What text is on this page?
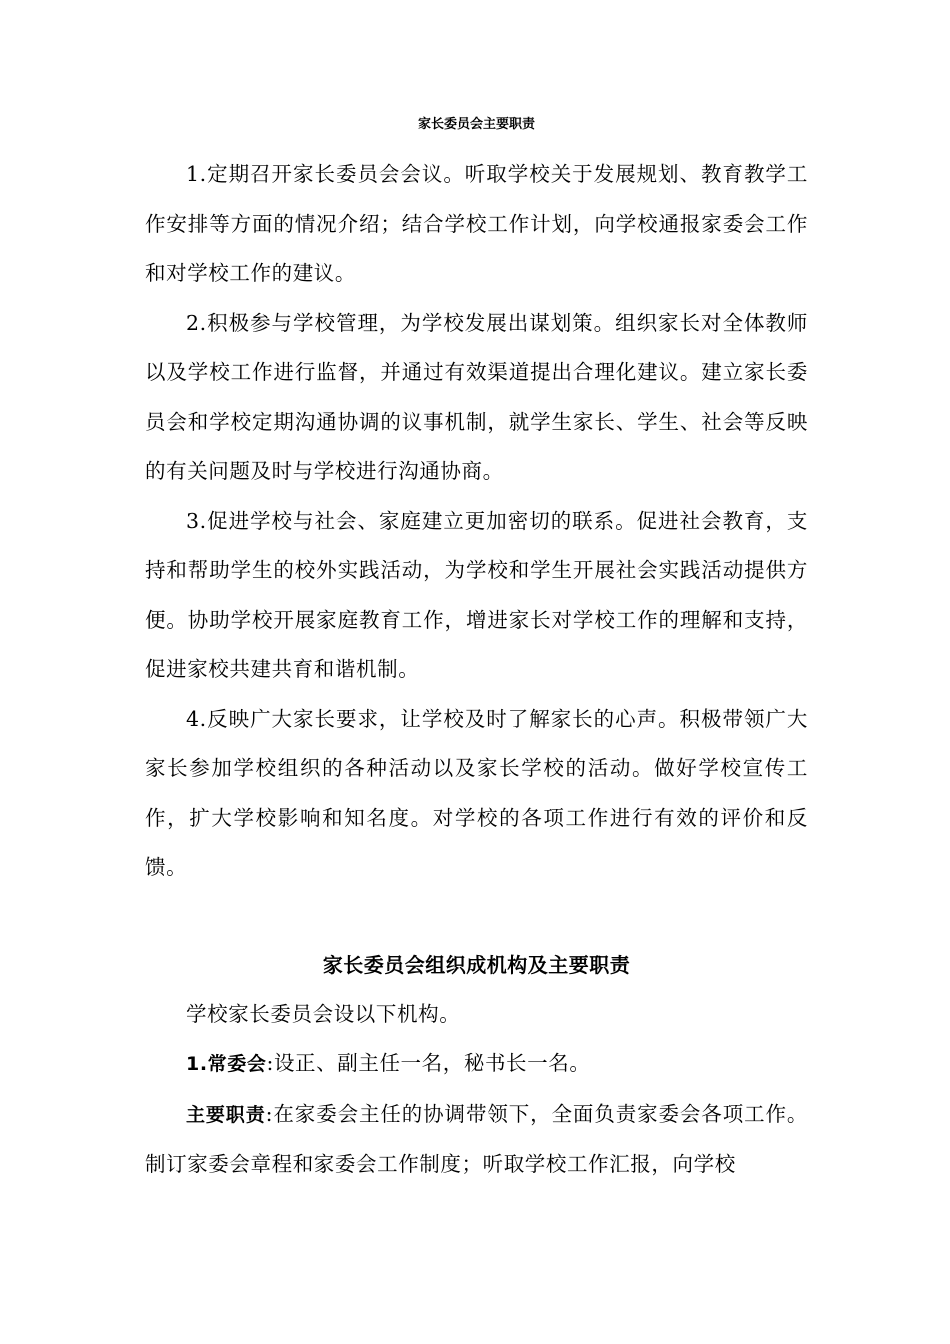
家长委员会主要职责

1.定期召开家长委员会会议。听取学校关于发展规划、教育教学工作安排等方面的情况介绍；结合学校工作计划，向学校通报家委会工作和对学校工作的建议。

2.积极参与学校管理，为学校发展出谋划策。组织家长对全体教师以及学校工作进行监督，并通过有效渠道提出合理化建议。建立家长委员会和学校定期沟通协调的议事机制，就学生家长、学生、社会等反映的有关问题及时与学校进行沟通协商。

3.促进学校与社会、家庭建立更加密切的联系。促进社会教育，支持和帮助学生的校外实践活动，为学校和学生开展社会实践活动提供方便。协助学校开展家庭教育工作，增进家长对学校工作的理解和支持，促进家校共建共育和谐机制。

4.反映广大家长要求，让学校及时了解家长的心声。积极带领广大家长参加学校组织的各种活动以及家长学校的活动。做好学校宣传工作，扩大学校影响和知名度。对学校的各项工作进行有效的评价和反馈。

家长委员会组织成机构及主要职责

学校家长委员会设以下机构。

1.常委会:设正、副主任一名，秘书长一名。

主要职责:在家委会主任的协调带领下，全面负责家委会各项工作。制订家委会章程和家委会工作制度；听取学校工作汇报，向学校
